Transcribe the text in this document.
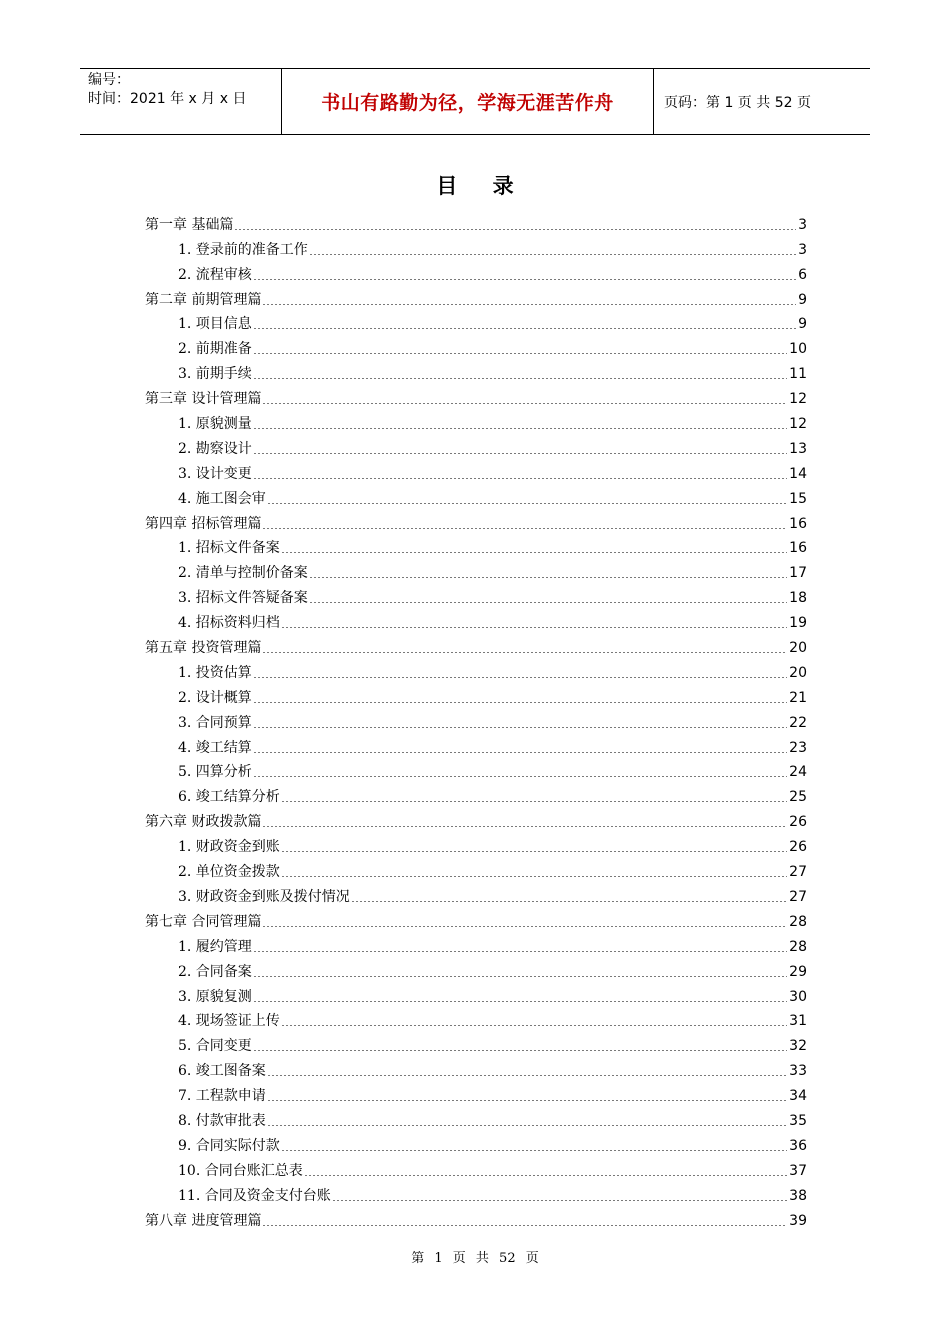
编号：
时间：2021 年 x 月 x 日	书山有路勤为径，学海无涯苦作舟	页码：第 1 页 共 52 页
目 录
第一章 基础篇	3
1. 登录前的准备工作	3
2. 流程审核	6
第二章 前期管理篇	9
1. 项目信息	9
2. 前期准备	10
3. 前期手续	11
第三章 设计管理篇	12
1. 原貌测量	12
2. 勘察设计	13
3. 设计变更	14
4. 施工图会审	15
第四章 招标管理篇	16
1. 招标文件备案	16
2. 清单与控制价备案	17
3. 招标文件答疑备案	18
4. 招标资料归档	19
第五章 投资管理篇	20
1. 投资估算	20
2. 设计概算	21
3. 合同预算	22
4. 竣工结算	23
5. 四算分析	24
6. 竣工结算分析	25
第六章 财政拨款篇	26
1. 财政资金到账	26
2. 单位资金拨款	27
3. 财政资金到账及拨付情况	27
第七章 合同管理篇	28
1. 履约管理	28
2. 合同备案	29
3. 原貌复测	30
4. 现场签证上传	31
5. 合同变更	32
6. 竣工图备案	33
7. 工程款申请	34
8. 付款审批表	35
9. 合同实际付款	36
10. 合同台账汇总表	37
11. 合同及资金支付台账	38
第八章 进度管理篇	39
第 1 页 共 52 页
